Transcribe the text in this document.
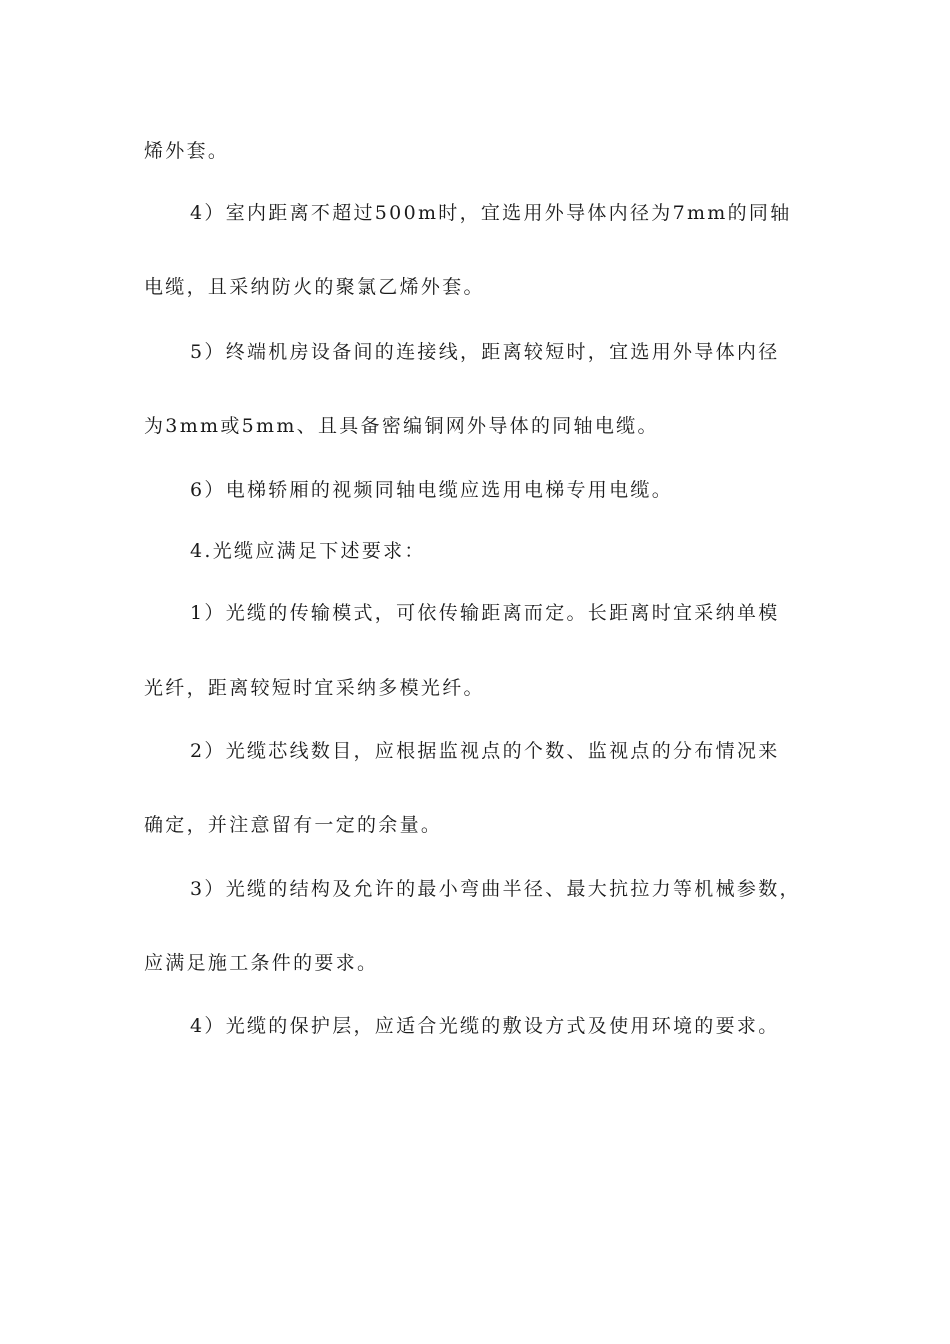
烯外套。
4）室内距离不超过500m时，宜选用外导体内径为7mm的同轴
电缆，且采纳防火的聚氯乙烯外套。
5）终端机房设备间的连接线，距离较短时，宜选用外导体内径
为3mm或5mm、且具备密编铜网外导体的同轴电缆。
6）电梯轿厢的视频同轴电缆应选用电梯专用电缆。
4.光缆应满足下述要求：
1）光缆的传输模式，可依传输距离而定。长距离时宜采纳单模
光纤，距离较短时宜采纳多模光纤。
2）光缆芯线数目，应根据监视点的个数、监视点的分布情况来
确定，并注意留有一定的余量。
3）光缆的结构及允许的最小弯曲半径、最大抗拉力等机械参数，
应满足施工条件的要求。
4）光缆的保护层，应适合光缆的敷设方式及使用环境的要求。
